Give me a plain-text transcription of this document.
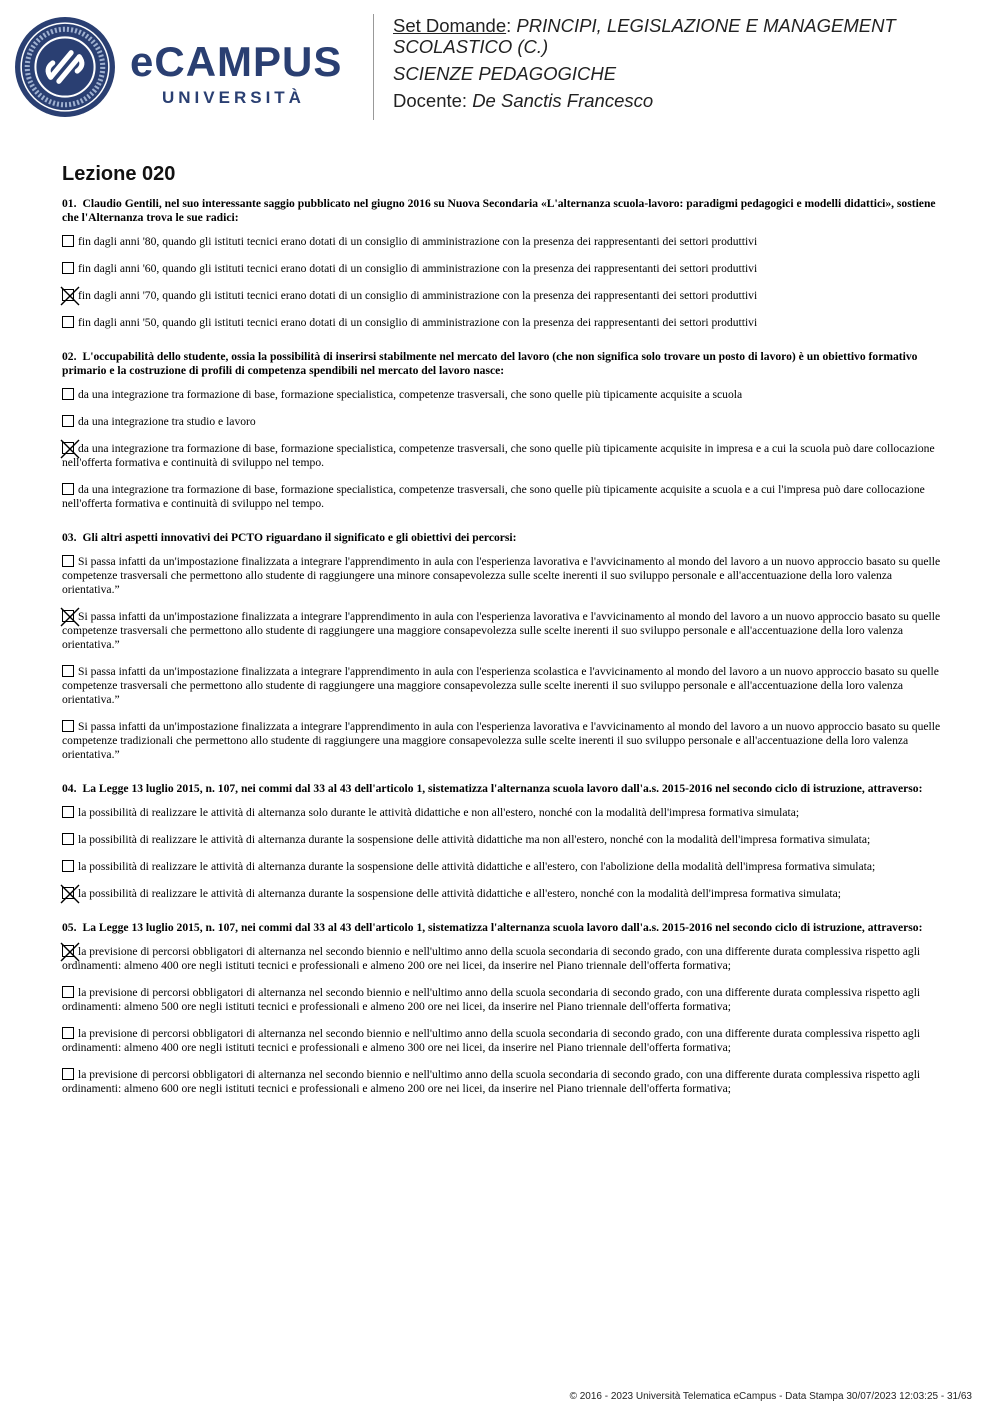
eCAMPUS
UNIVERSITÀ
Set Domande: PRINCIPI, LEGISLAZIONE E MANAGEMENT SCOLASTICO (C.)
SCIENZE PEDAGOGICHE
Docente: De Sanctis Francesco
Lezione 020

01. Claudio Gentili, nel suo interessante saggio pubblicato nel giugno 2016 su Nuova Secondaria «L'alternanza scuola-lavoro: paradigmi pedagogici e modelli didattici», sostiene che l'Alternanza trova le sue radici:

fin dagli anni '80, quando gli istituti tecnici erano dotati di un consiglio di amministrazione con la presenza dei rappresentanti dei settori produttivi

fin dagli anni '60, quando gli istituti tecnici erano dotati di un consiglio di amministrazione con la presenza dei rappresentanti dei settori produttivi

fin dagli anni '70, quando gli istituti tecnici erano dotati di un consiglio di amministrazione con la presenza dei rappresentanti dei settori produttivi

fin dagli anni '50, quando gli istituti tecnici erano dotati di un consiglio di amministrazione con la presenza dei rappresentanti dei settori produttivi

02. L'occupabilità dello studente, ossia la possibilità di inserirsi stabilmente nel mercato del lavoro (che non significa solo trovare un posto di lavoro) è un obiettivo formativo primario e la costruzione di profili di competenza spendibili nel mercato del lavoro nasce:

da una integrazione tra formazione di base, formazione specialistica, competenze trasversali, che sono quelle più tipicamente acquisite a scuola

da una integrazione tra studio e lavoro

da una integrazione tra formazione di base, formazione specialistica, competenze trasversali, che sono quelle più tipicamente acquisite in impresa e a cui la scuola può dare collocazione nell'offerta formativa e continuità di sviluppo nel tempo.

da una integrazione tra formazione di base, formazione specialistica, competenze trasversali, che sono quelle più tipicamente acquisite a scuola e a cui l'impresa può dare collocazione nell'offerta formativa e continuità di sviluppo nel tempo.

03. Gli altri aspetti innovativi dei PCTO riguardano il significato e gli obiettivi dei percorsi:

Si passa infatti da un'impostazione finalizzata a integrare l'apprendimento in aula con l'esperienza lavorativa e l'avvicinamento al mondo del lavoro a un nuovo approccio basato su quelle competenze trasversali che permettono allo studente di raggiungere una minore consapevolezza sulle scelte inerenti il suo sviluppo personale e all'accentuazione della loro valenza orientativa.”

Si passa infatti da un'impostazione finalizzata a integrare l'apprendimento in aula con l'esperienza lavorativa e l'avvicinamento al mondo del lavoro a un nuovo approccio basato su quelle competenze trasversali che permettono allo studente di raggiungere una maggiore consapevolezza sulle scelte inerenti il suo sviluppo personale e all'accentuazione della loro valenza orientativa.”

Si passa infatti da un'impostazione finalizzata a integrare l'apprendimento in aula con l'esperienza scolastica e l'avvicinamento al mondo del lavoro a un nuovo approccio basato su quelle competenze trasversali che permettono allo studente di raggiungere una maggiore consapevolezza sulle scelte inerenti il suo sviluppo personale e all'accentuazione della loro valenza orientativa.”

Si passa infatti da un'impostazione finalizzata a integrare l'apprendimento in aula con l'esperienza lavorativa e l'avvicinamento al mondo del lavoro a un nuovo approccio basato su quelle competenze tradizionali che permettono allo studente di raggiungere una maggiore consapevolezza sulle scelte inerenti il suo sviluppo personale e all'accentuazione della loro valenza orientativa.”

04. La Legge 13 luglio 2015, n. 107, nei commi dal 33 al 43 dell'articolo 1, sistematizza l'alternanza scuola lavoro dall'a.s. 2015-2016 nel secondo ciclo di istruzione, attraverso:

la possibilità di realizzare le attività di alternanza solo durante le attività didattiche e non all'estero, nonché con la modalità dell'impresa formativa simulata;

la possibilità di realizzare le attività di alternanza durante la sospensione delle attività didattiche ma non all'estero, nonché con la modalità dell'impresa formativa simulata;

la possibilità di realizzare le attività di alternanza durante la sospensione delle attività didattiche e all'estero, con l'abolizione della modalità dell'impresa formativa simulata;

la possibilità di realizzare le attività di alternanza durante la sospensione delle attività didattiche e all'estero, nonché con la modalità dell'impresa formativa simulata;

05. La Legge 13 luglio 2015, n. 107, nei commi dal 33 al 43 dell'articolo 1, sistematizza l'alternanza scuola lavoro dall'a.s. 2015-2016 nel secondo ciclo di istruzione, attraverso:

la previsione di percorsi obbligatori di alternanza nel secondo biennio e nell'ultimo anno della scuola secondaria di secondo grado, con una differente durata complessiva rispetto agli ordinamenti: almeno 400 ore negli istituti tecnici e professionali e almeno 200 ore nei licei, da inserire nel Piano triennale dell'offerta formativa;

la previsione di percorsi obbligatori di alternanza nel secondo biennio e nell'ultimo anno della scuola secondaria di secondo grado, con una differente durata complessiva rispetto agli ordinamenti: almeno 500 ore negli istituti tecnici e professionali e almeno 200 ore nei licei, da inserire nel Piano triennale dell'offerta formativa;

la previsione di percorsi obbligatori di alternanza nel secondo biennio e nell'ultimo anno della scuola secondaria di secondo grado, con una differente durata complessiva rispetto agli ordinamenti: almeno 400 ore negli istituti tecnici e professionali e almeno 300 ore nei licei, da inserire nel Piano triennale dell'offerta formativa;

la previsione di percorsi obbligatori di alternanza nel secondo biennio e nell'ultimo anno della scuola secondaria di secondo grado, con una differente durata complessiva rispetto agli ordinamenti: almeno 600 ore negli istituti tecnici e professionali e almeno 200 ore nei licei, da inserire nel Piano triennale dell'offerta formativa;

© 2016 - 2023 Università Telematica eCampus - Data Stampa 30/07/2023 12:03:25 - 31/63
